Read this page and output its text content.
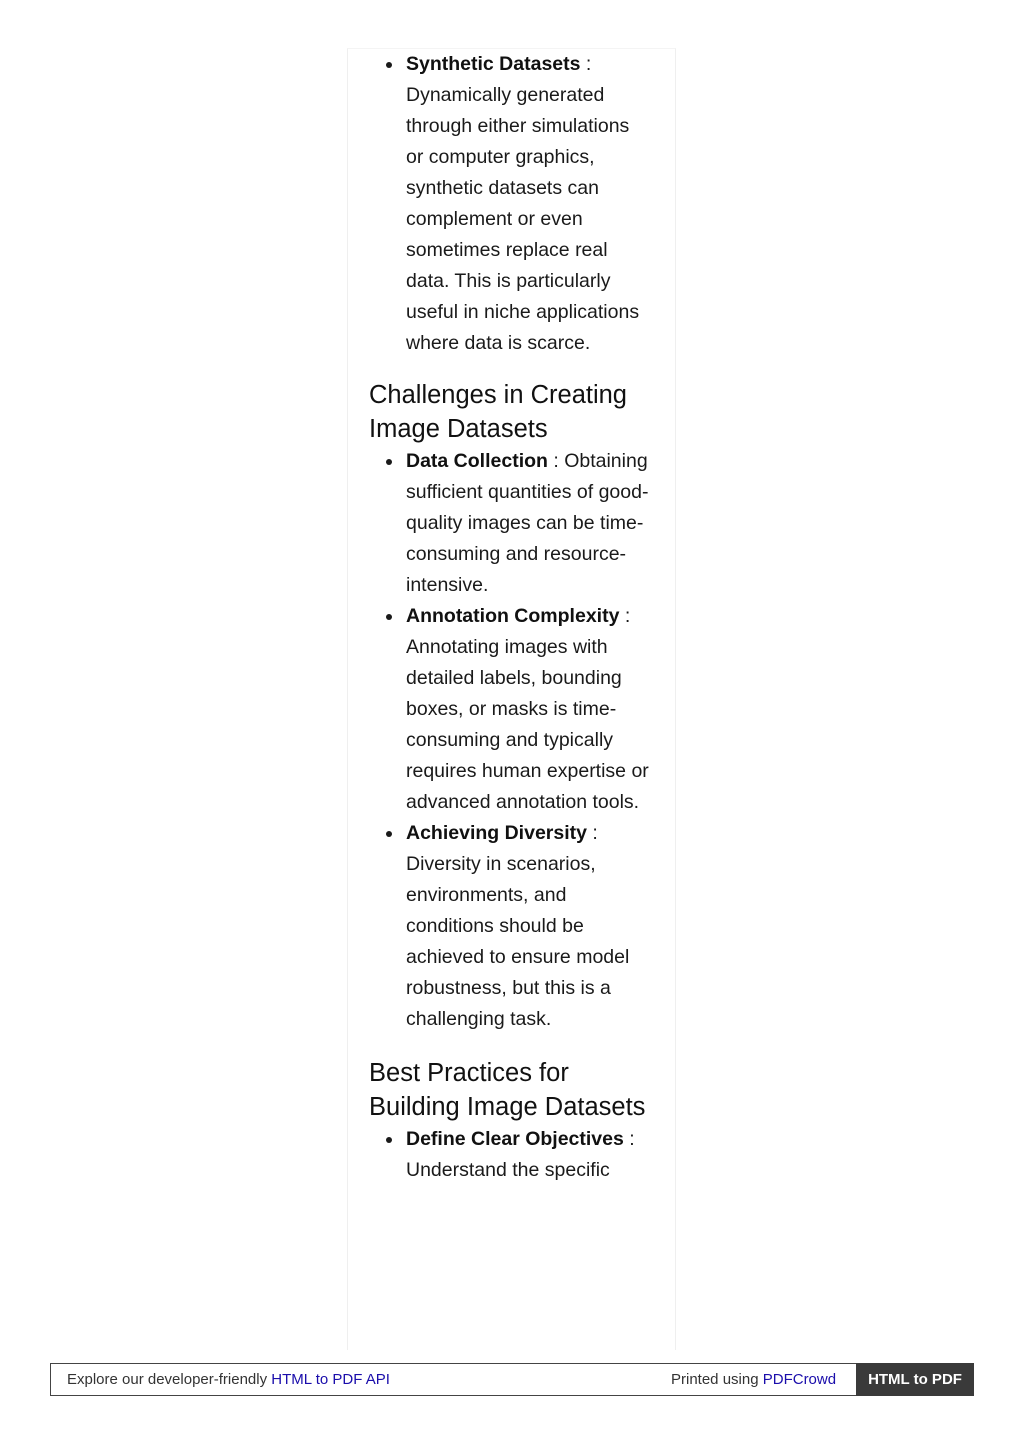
Synthetic Datasets : Dynamically generated through either simulations or computer graphics, synthetic datasets can complement or even sometimes replace real data. This is particularly useful in niche applications where data is scarce.
Challenges in Creating Image Datasets
Data Collection : Obtaining sufficient quantities of good-quality images can be time-consuming and resource-intensive.
Annotation Complexity : Annotating images with detailed labels, bounding boxes, or masks is time-consuming and typically requires human expertise or advanced annotation tools.
Achieving Diversity : Diversity in scenarios, environments, and conditions should be achieved to ensure model robustness, but this is a challenging task.
Best Practices for Building Image Datasets
Define Clear Objectives : Understand the specific
Explore our developer-friendly HTML to PDF API	Printed using PDFCrowd	HTML to PDF
